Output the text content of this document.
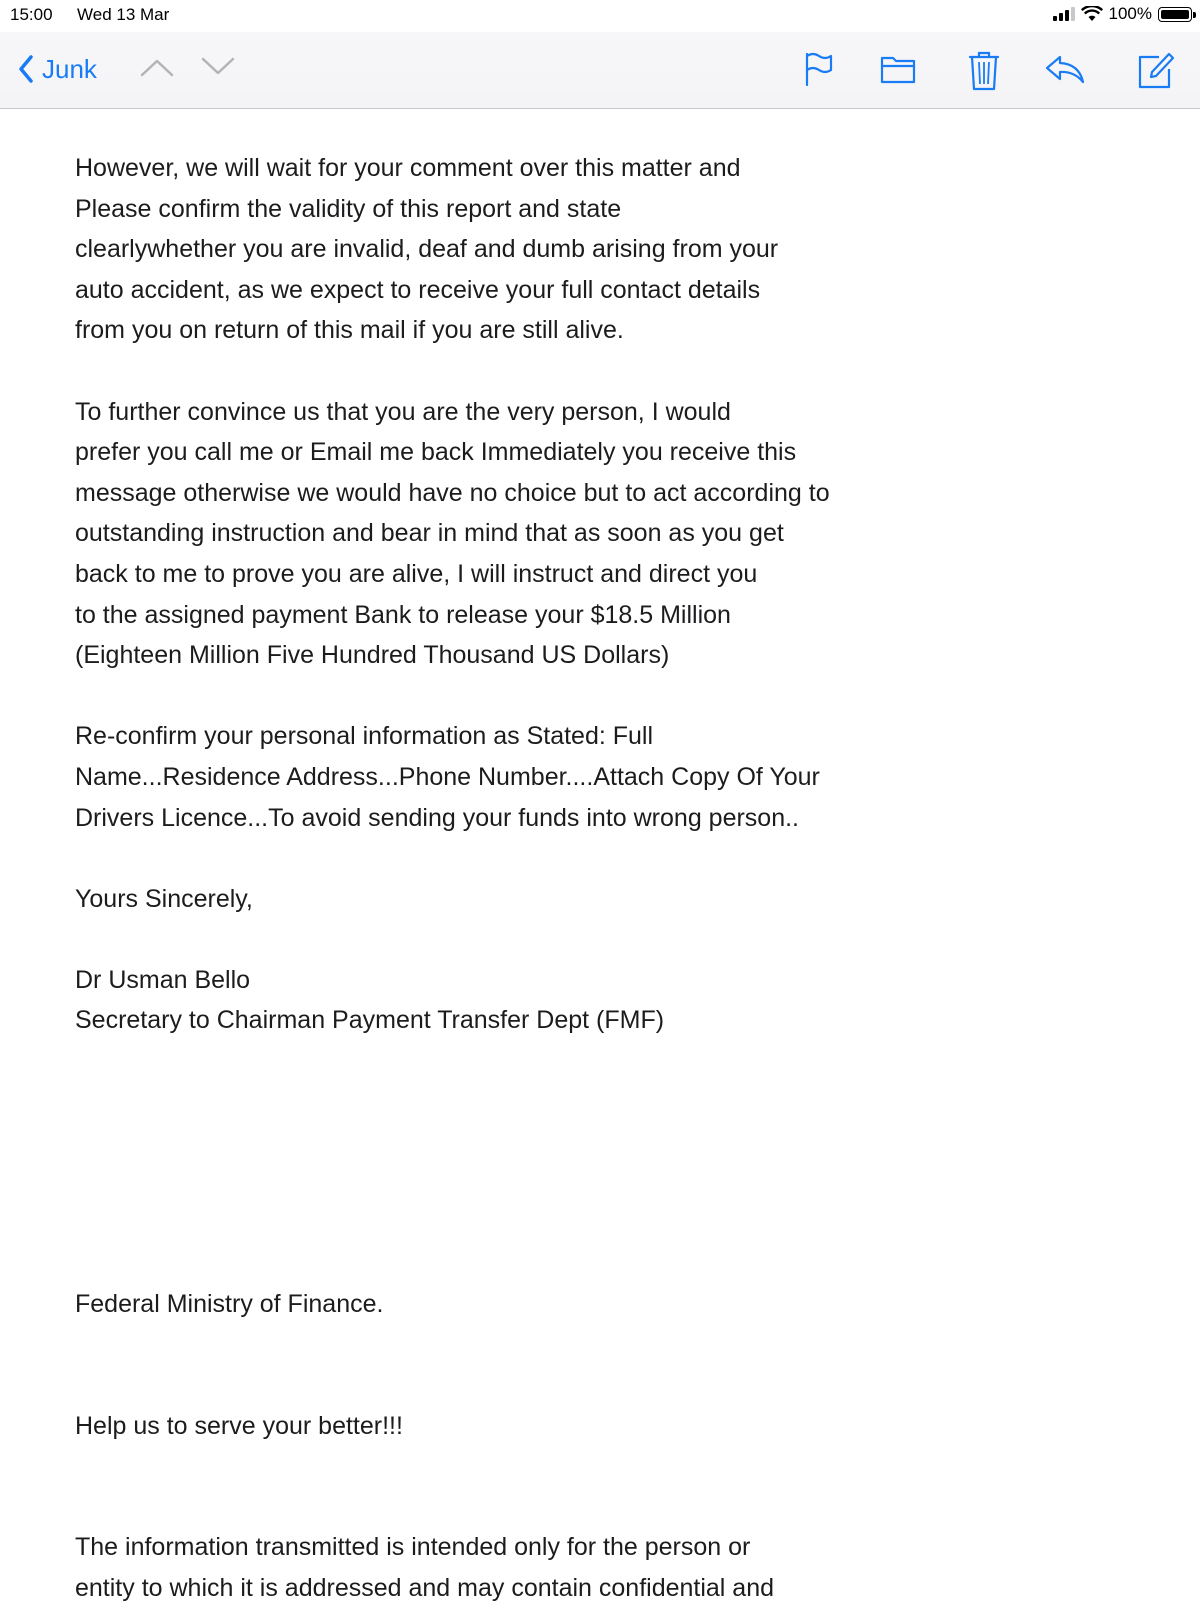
15:00 Wed 13 Mar	100%
Junk

However, we will wait for your comment over this matter and
Please confirm the validity of this report and state
clearlywhether you are invalid, deaf and dumb arising from your
auto accident, as we expect to receive your full contact details
from you on return of this mail if you are still alive.

To further convince us that you are the very person, I would
prefer you call me or Email me back Immediately you receive this
message otherwise we would have no choice but to act according to
outstanding instruction and bear in mind that as soon as you get
back to me to prove you are alive, I will instruct and direct you
to the assigned payment Bank to release your $18.5 Million
(Eighteen Million Five Hundred Thousand US Dollars)

Re-confirm your personal information as Stated: Full
Name...Residence Address...Phone Number....Attach Copy Of Your
Drivers Licence...To avoid sending your funds into wrong person..

Yours Sincerely,

Dr Usman Bello

Secretary to Chairman Payment Transfer Dept (FMF)

Federal Ministry of Finance.

Help us to serve your better!!!

The information transmitted is intended only for the person or
entity to which it is addressed and may contain confidential and
